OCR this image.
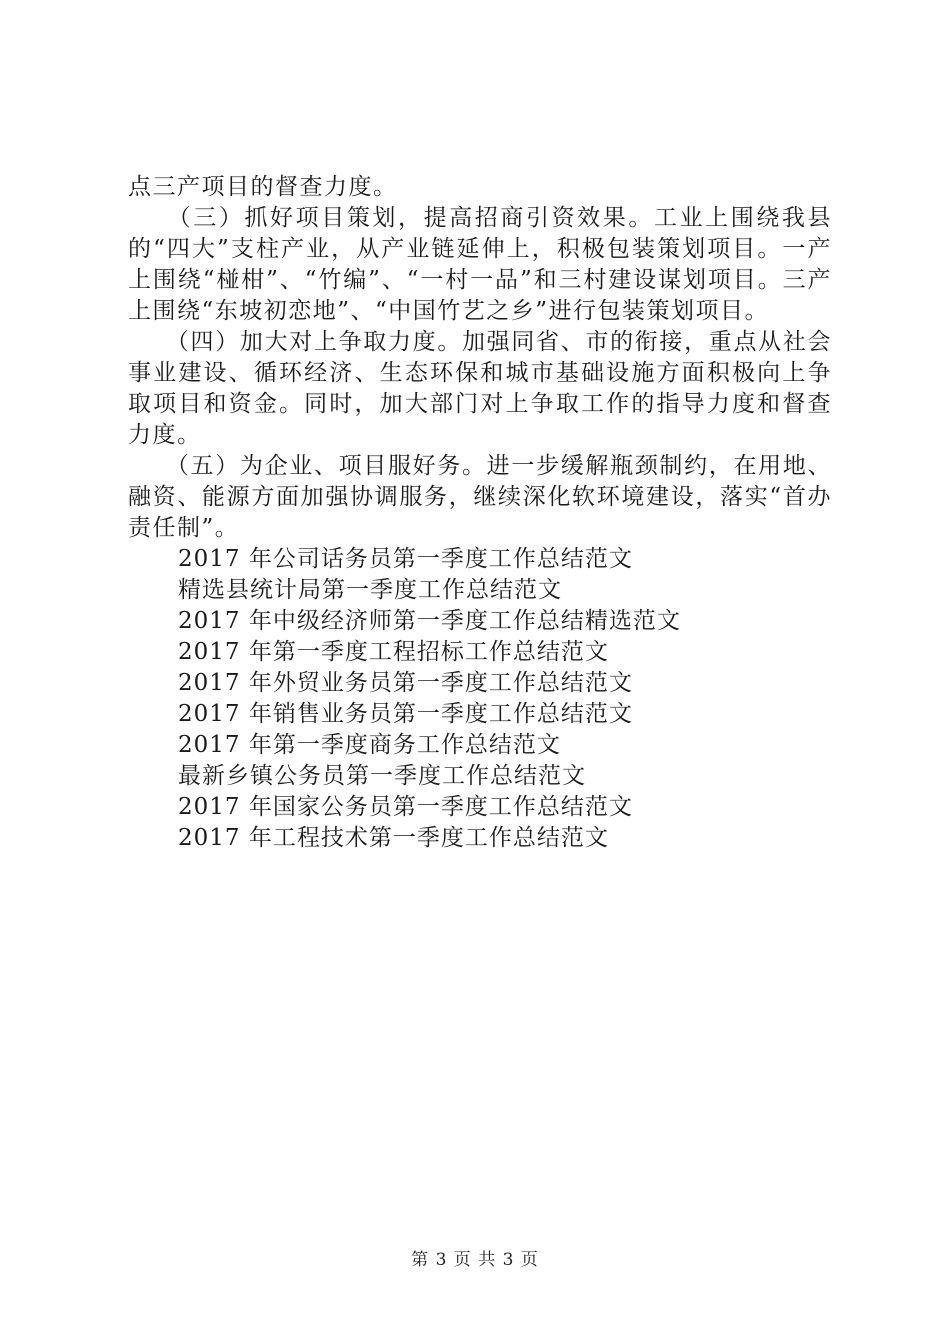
点三产项目的督查力度。

　　（三）抓好项目策划，提高招商引资效果。工业上围绕我县的“四大”支柱产业，从产业链延伸上，积极包装策划项目。一产上围绕“椪柑”、“竹编”、“一村一品”和三村建设谋划项目。三产上围绕“东坡初恋地”、“中国竹艺之乡”进行包装策划项目。

　　（四）加大对上争取力度。加强同省、市的衔接，重点从社会事业建设、循环经济、生态环保和城市基础设施方面积极向上争取项目和资金。同时，加大部门对上争取工作的指导力度和督查力度。

　　（五）为企业、项目服好务。进一步缓解瓶颈制约，在用地、融资、能源方面加强协调服务，继续深化软环境建设，落实“首办责任制”。

2017 年公司话务员第一季度工作总结范文
精选县统计局第一季度工作总结范文
2017 年中级经济师第一季度工作总结精选范文
2017 年第一季度工程招标工作总结范文
2017 年外贸业务员第一季度工作总结范文
2017 年销售业务员第一季度工作总结范文
2017 年第一季度商务工作总结范文
最新乡镇公务员第一季度工作总结范文
2017 年国家公务员第一季度工作总结范文
2017 年工程技术第一季度工作总结范文
第 3 页 共 3 页
